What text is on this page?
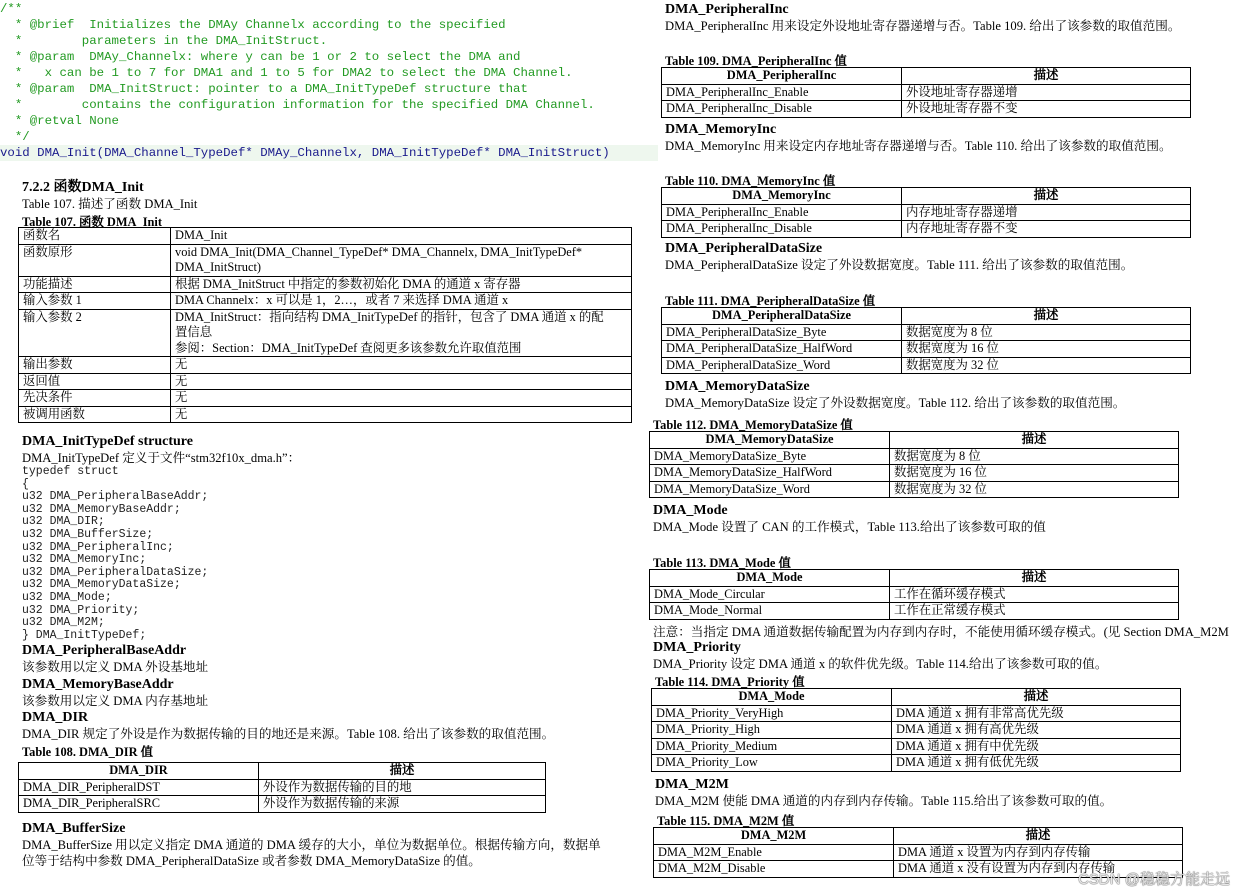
/**
* @brief  Initializes the DMAy Channelx according to the specified
*        parameters in the DMA_InitStruct.
* @param  DMAy_Channelx: where y can be 1 or 2 to select the DMA and
*   x can be 1 to 7 for DMA1 and 1 to 5 for DMA2 to select the DMA Channel.
* @param  DMA_InitStruct: pointer to a DMA_InitTypeDef structure that
*        contains the configuration information for the specified DMA Channel.
* @retval None
*/
void DMA_Init(DMA_Channel_TypeDef* DMAy_Channelx, DMA_InitTypeDef* DMA_InitStruct)

7.2.2 函数DMA_Init

Table 107. 描述了函数 DMA_Init

Table 107. 函数 DMA_Init

函数名	DMA_Init
函数原形	void DMA_Init(DMA_Channel_TypeDef* DMA_Channelx, DMA_InitTypeDef*
DMA_InitStruct)

功能描述	根据 DMA_InitStruct 中指定的参数初始化 DMA 的通道 x 寄存器
输入参数 1	DMA Channelx：x 可以是 1，2…，或者 7 来选择 DMA 通道 x
输入参数 2	DMA_InitStruct：指向结构 DMA_InitTypeDef 的指针，包含了 DMA 通道 x 的配
置信息
参阅：Section：DMA_InitTypeDef 查阅更多该参数允许取值范围

输出参数	无
返回值	无
先决条件	无
被调用函数	无

DMA_InitTypeDef structure

DMA_InitTypeDef 定义于文件“stm32f10x_dma.h”：

typedef struct
{
u32 DMA_PeripheralBaseAddr;
u32 DMA_MemoryBaseAddr;
u32 DMA_DIR;
u32 DMA_BufferSize;
u32 DMA_PeripheralInc;
u32 DMA_MemoryInc;
u32 DMA_PeripheralDataSize;
u32 DMA_MemoryDataSize;
u32 DMA_Mode;
u32 DMA_Priority;
u32 DMA_M2M;
} DMA_InitTypeDef;

DMA_PeripheralBaseAddr

该参数用以定义 DMA 外设基地址

DMA_MemoryBaseAddr

该参数用以定义 DMA 内存基地址

DMA_DIR

DMA_DIR 规定了外设是作为数据传输的目的地还是来源。Table 108. 给出了该参数的取值范围。

Table 108. DMA_DIR 值

DMA_DIR	描述
DMA_DIR_PeripheralDST	外设作为数据传输的目的地
DMA_DIR_PeripheralSRC	外设作为数据传输的来源

DMA_BufferSize

DMA_BufferSize 用以定义指定 DMA 通道的 DMA 缓存的大小，单位为数据单位。根据传输方向，数据单

位等于结构中参数 DMA_PeripheralDataSize 或者参数 DMA_MemoryDataSize 的值。

DMA_PeripheralInc

DMA_PeripheralInc 用来设定外设地址寄存器递增与否。Table 109. 给出了该参数的取值范围。

Table 109. DMA_PeripheralInc 值

DMA_PeripheralInc	描述
DMA_PeripheralInc_Enable	外设地址寄存器递增
DMA_PeripheralInc_Disable	外设地址寄存器不变

DMA_MemoryInc

DMA_MemoryInc 用来设定内存地址寄存器递增与否。Table 110. 给出了该参数的取值范围。

Table 110. DMA_MemoryInc 值

DMA_MemoryInc	描述
DMA_PeripheralInc_Enable	内存地址寄存器递增
DMA_PeripheralInc_Disable	内存地址寄存器不变

DMA_PeripheralDataSize

DMA_PeripheralDataSize 设定了外设数据宽度。Table 111. 给出了该参数的取值范围。

Table 111. DMA_PeripheralDataSize 值

DMA_PeripheralDataSize	描述
DMA_PeripheralDataSize_Byte	数据宽度为 8 位
DMA_PeripheralDataSize_HalfWord	数据宽度为 16 位
DMA_PeripheralDataSize_Word	数据宽度为 32 位

DMA_MemoryDataSize

DMA_MemoryDataSize 设定了外设数据宽度。Table 112. 给出了该参数的取值范围。

Table 112. DMA_MemoryDataSize 值

DMA_MemoryDataSize	描述
DMA_MemoryDataSize_Byte	数据宽度为 8 位
DMA_MemoryDataSize_HalfWord	数据宽度为 16 位
DMA_MemoryDataSize_Word	数据宽度为 32 位

DMA_Mode

DMA_Mode 设置了 CAN 的工作模式，Table 113.给出了该参数可取的值

Table 113. DMA_Mode 值

DMA_Mode	描述
DMA_Mode_Circular	工作在循环缓存模式
DMA_Mode_Normal	工作在正常缓存模式

注意：当指定 DMA 通道数据传输配置为内存到内存时，不能使用循环缓存模式。(见 Section DMA_M2M

DMA_Priority

DMA_Priority 设定 DMA 通道 x 的软件优先级。Table 114.给出了该参数可取的值。

Table 114. DMA_Priority 值

DMA_Mode	描述
DMA_Priority_VeryHigh	DMA 通道 x 拥有非常高优先级
DMA_Priority_High	DMA 通道 x 拥有高优先级
DMA_Priority_Medium	DMA 通道 x 拥有中优先级
DMA_Priority_Low	DMA 通道 x 拥有低优先级

DMA_M2M

DMA_M2M 使能 DMA 通道的内存到内存传输。Table 115.给出了该参数可取的值。

Table 115. DMA_M2M 值

DMA_M2M	描述
DMA_M2M_Enable	DMA 通道 x 设置为内存到内存传输
DMA_M2M_Disable	DMA 通道 x 没有设置为内存到内存传输
CSDN @稳稳方能走远
